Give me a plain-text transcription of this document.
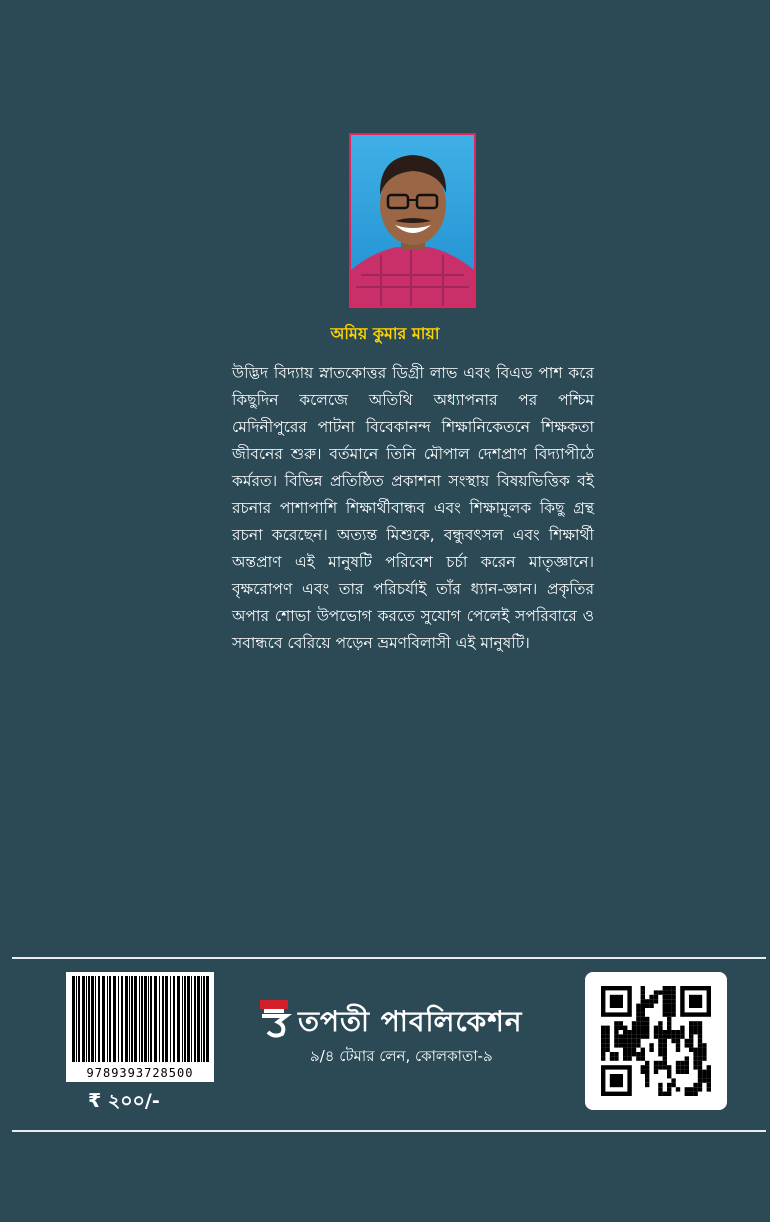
অমিয় কুমার মায়া

উদ্ভিদ বিদ্যায় স্নাতকোত্তর ডিগ্রী লাভ এবং বিএড পাশ করে কিছুদিন কলেজে অতিথি অধ্যাপনার পর পশ্চিম মেদিনীপুরের পাটনা বিবেকানন্দ শিক্ষানিকেতনে শিক্ষকতা জীবনের শুরু। বর্তমানে তিনি মৌপাল দেশপ্রাণ বিদ্যাপীঠে কর্মরত। বিভিন্ন প্রতিষ্ঠিত প্রকাশনা সংস্থায় বিষয়ভিত্তিক বই রচনার পাশাপাশি শিক্ষার্থীবান্ধব এবং শিক্ষামূলক কিছু গ্রন্থ রচনা করেছেন। অত্যন্ত মিশুকে, বন্ধুবৎসল এবং শিক্ষার্থী অন্তপ্রাণ এই মানুষটি পরিবেশ চর্চা করেন মাতৃজ্ঞানে। বৃক্ষরোপণ এবং তার পরিচর্যাই তাঁর ধ্যান-জ্ঞান। প্রকৃতির অপার শোভা উপভোগ করতে সুযোগ পেলেই সপরিবারে ও সবান্ধবে বেরিয়ে পড়েন ভ্রমণবিলাসী এই মানুষটি।

9789393728500
₹ ২০০/-
তপতী পাবলিকেশন
৯/৪ টেমার লেন, কোলকাতা-৯
